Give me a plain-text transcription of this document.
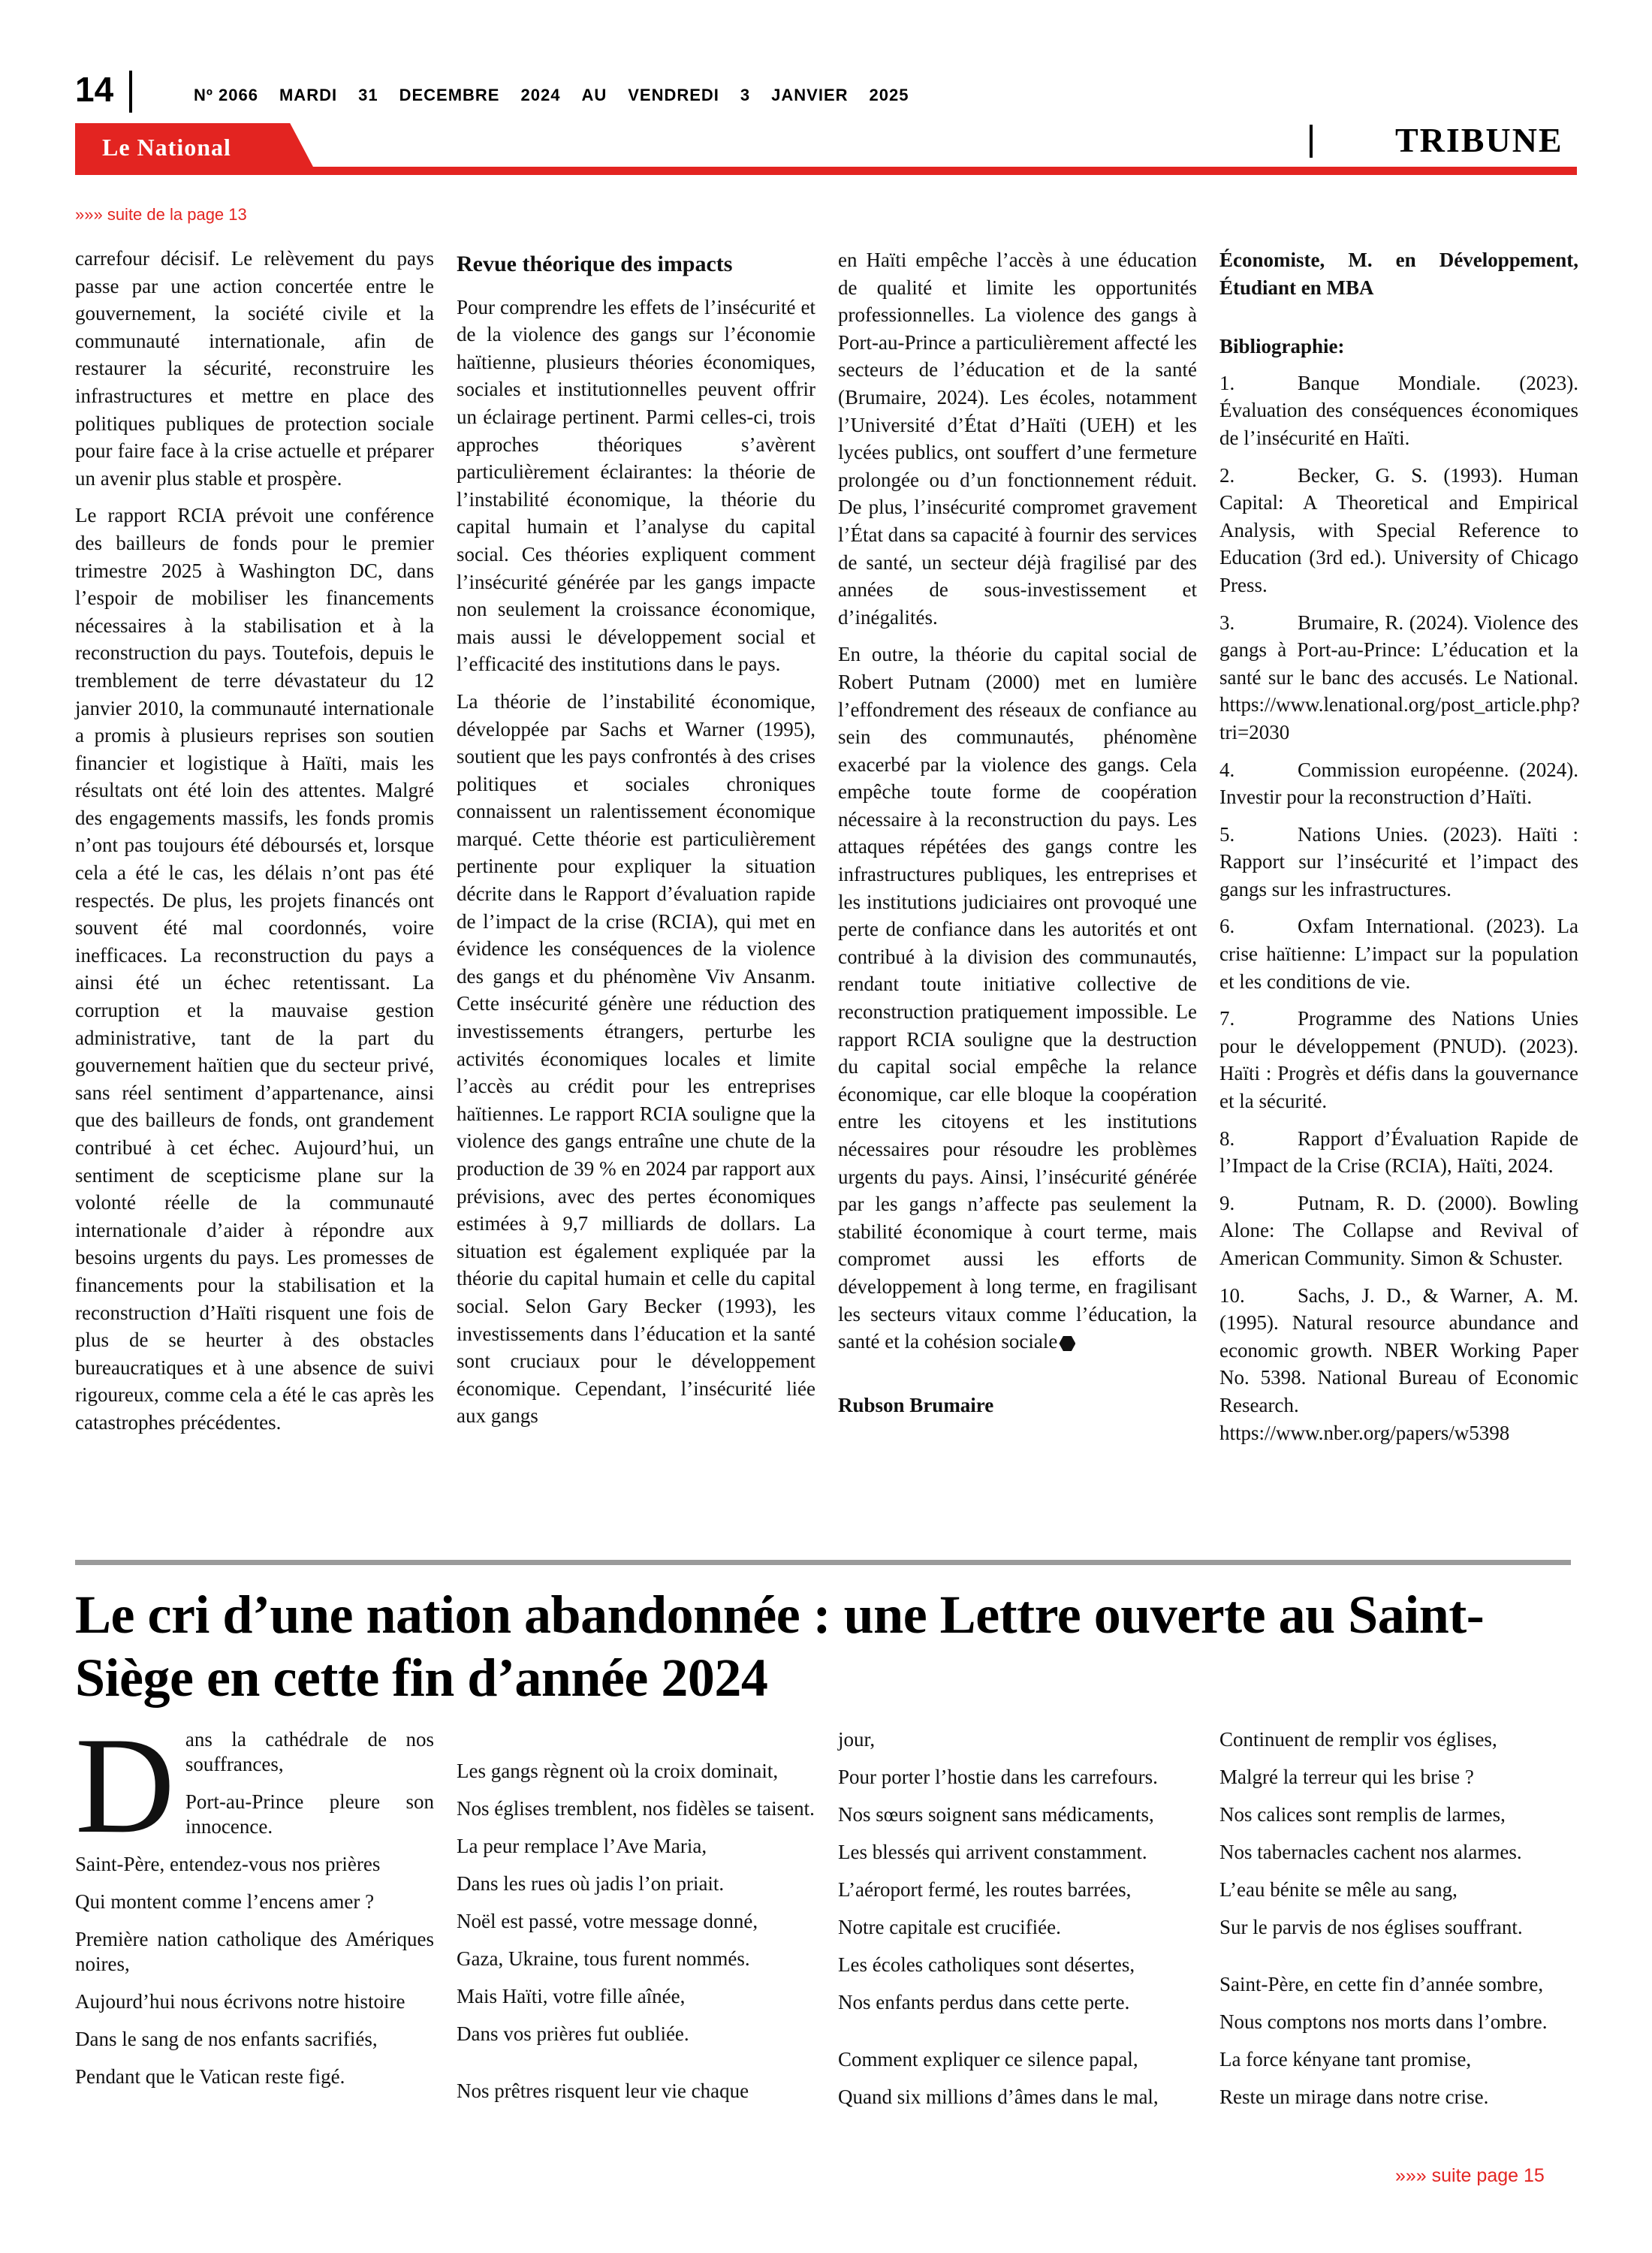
14	Nº 2066 MARDI 31 DECEMBRE 2024 AU VENDREDI 3 JANVIER 2025
Le National	TRIBUNE
»»» suite de la page 13

carrefour décisif. Le relèvement du pays passe par une action concertée entre le gouvernement, la société civile et la communauté internationale, afin de restaurer la sécurité, reconstruire les infrastructures et mettre en place des politiques publiques de protection sociale pour faire face à la crise actuelle et préparer un avenir plus stable et prospère.

Le rapport RCIA prévoit une conférence des bailleurs de fonds pour le premier trimestre 2025 à Washington DC, dans l’espoir de mobiliser les financements nécessaires à la stabilisation et à la reconstruction du pays. Toutefois, depuis le tremblement de terre dévastateur du 12 janvier 2010, la communauté internationale a promis à plusieurs reprises son soutien financier et logistique à Haïti, mais les résultats ont été loin des attentes. Malgré des engagements massifs, les fonds promis n’ont pas toujours été déboursés et, lorsque cela a été le cas, les délais n’ont pas été respectés. De plus, les projets financés ont souvent été mal coordonnés, voire inefficaces. La reconstruction du pays a ainsi été un échec retentissant. La corruption et la mauvaise gestion administrative, tant de la part du gouvernement haïtien que du secteur privé, sans réel sentiment d’appartenance, ainsi que des bailleurs de fonds, ont grandement contribué à cet échec. Aujourd’hui, un sentiment de scepticisme plane sur la volonté réelle de la communauté internationale d’aider à répondre aux besoins urgents du pays. Les promesses de financements pour la stabilisation et la reconstruction d’Haïti risquent une fois de plus de se heurter à des obstacles bureaucratiques et à une absence de suivi rigoureux, comme cela a été le cas après les catastrophes précédentes.

Revue théorique des impacts

Pour comprendre les effets de l’insécurité et de la violence des gangs sur l’économie haïtienne, plusieurs théories économiques, sociales et institutionnelles peuvent offrir un éclairage pertinent. Parmi celles-ci, trois approches théoriques s’avèrent particulièrement éclairantes: la théorie de l’instabilité économique, la théorie du capital humain et l’analyse du capital social. Ces théories expliquent comment l’insécurité générée par les gangs impacte non seulement la croissance économique, mais aussi le développement social et l’efficacité des institutions dans le pays.

La théorie de l’instabilité économique, développée par Sachs et Warner (1995), soutient que les pays confrontés à des crises politiques et sociales chroniques connaissent un ralentissement économique marqué. Cette théorie est particulièrement pertinente pour expliquer la situation décrite dans le Rapport d’évaluation rapide de l’impact de la crise (RCIA), qui met en évidence les conséquences de la violence des gangs et du phénomène Viv Ansanm. Cette insécurité génère une réduction des investissements étrangers, perturbe les activités économiques locales et limite l’accès au crédit pour les entreprises haïtiennes. Le rapport RCIA souligne que la violence des gangs entraîne une chute de la production de 39 % en 2024 par rapport aux prévisions, avec des pertes économiques estimées à 9,7 milliards de dollars. La situation est également expliquée par la théorie du capital humain et celle du capital social. Selon Gary Becker (1993), les investissements dans l’éducation et la santé sont cruciaux pour le développement économique. Cependant, l’insécurité liée aux gangs

en Haïti empêche l’accès à une éducation de qualité et limite les opportunités professionnelles. La violence des gangs à Port-au-Prince a particulièrement affecté les secteurs de l’éducation et de la santé (Brumaire, 2024). Les écoles, notamment l’Université d’État d’Haïti (UEH) et les lycées publics, ont souffert d’une fermeture prolongée ou d’un fonctionnement réduit. De plus, l’insécurité compromet gravement l’État dans sa capacité à fournir des services de santé, un secteur déjà fragilisé par des années de sous-investissement et d’inégalités.

En outre, la théorie du capital social de Robert Putnam (2000) met en lumière l’effondrement des réseaux de confiance au sein des communautés, phénomène exacerbé par la violence des gangs. Cela empêche toute forme de coopération nécessaire à la reconstruction du pays. Les attaques répétées des gangs contre les infrastructures publiques, les entreprises et les institutions judiciaires ont provoqué une perte de confiance dans les autorités et ont contribué à la division des communautés, rendant toute initiative collective de reconstruction pratiquement impossible. Le rapport RCIA souligne que la destruction du capital social empêche la relance économique, car elle bloque la coopération entre les citoyens et les institutions nécessaires pour résoudre les problèmes urgents du pays. Ainsi, l’insécurité générée par les gangs n’affecte pas seulement la stabilité économique à court terme, mais compromet aussi les efforts de développement à long terme, en fragilisant les secteurs vitaux comme l’éducation, la santé et la cohésion sociale

Rubson Brumaire

Économiste, M. en Développement, Étudiant en MBA

Bibliographie:

1.	Banque Mondiale. (2023). Évaluation des conséquences économiques de l’insécurité en Haïti.

2.	Becker, G. S. (1993). Human Capital: A Theoretical and Empirical Analysis, with Special Reference to Education (3rd ed.). University of Chicago Press.

3.	Brumaire, R. (2024). Violence des gangs à Port-au-Prince: L’éducation et la santé sur le banc des accusés. Le National. https://www.lenational.org/post_article.php?tri=2030

4.	Commission européenne. (2024). Investir pour la reconstruction d’Haïti.

5.	Nations Unies. (2023). Haïti : Rapport sur l’insécurité et l’impact des gangs sur les infrastructures.

6.	Oxfam International. (2023). La crise haïtienne: L’impact sur la population et les conditions de vie.

7.	Programme des Nations Unies pour le développement (PNUD). (2023). Haïti : Progrès et défis dans la gouvernance et la sécurité.

8.	Rapport d’Évaluation Rapide de l’Impact de la Crise (RCIA), Haïti, 2024.

9.	Putnam, R. D. (2000). Bowling Alone: The Collapse and Revival of American Community. Simon & Schuster.

10.	Sachs, J. D., & Warner, A. M. (1995). Natural resource abundance and economic growth. NBER Working Paper No. 5398. National Bureau of Economic Research. https://www.nber.org/papers/w5398

Le cri d’une nation abandonnée : une Lettre ouverte au Saint-Siège en cette fin d’année 2024
D ans la cathédrale de nos souffrances,

Port-au-Prince pleure son innocence.

Saint-Père, entendez-vous nos prières

Qui montent comme l’encens amer ?

Première nation catholique des Amériques noires,

Aujourd’hui nous écrivons notre histoire

Dans le sang de nos enfants sacrifiés,

Pendant que le Vatican reste figé.

Les gangs règnent où la croix dominait,

Nos églises tremblent, nos fidèles se taisent.

La peur remplace l’Ave Maria,

Dans les rues où jadis l’on priait.

Noël est passé, votre message donné,

Gaza, Ukraine, tous furent nommés.

Mais Haïti, votre fille aînée,

Dans vos prières fut oubliée.

Nos prêtres risquent leur vie chaque

jour,

Pour porter l’hostie dans les carrefours.

Nos sœurs soignent sans médicaments,

Les blessés qui arrivent constamment.

L’aéroport fermé, les routes barrées,

Notre capitale est crucifiée.

Les écoles catholiques sont désertes,

Nos enfants perdus dans cette perte.

Comment expliquer ce silence papal,

Quand six millions d’âmes dans le mal,

Continuent de remplir vos églises,

Malgré la terreur qui les brise ?

Nos calices sont remplis de larmes,

Nos tabernacles cachent nos alarmes.

L’eau bénite se mêle au sang,

Sur le parvis de nos églises souffrant.

Saint-Père, en cette fin d’année sombre,

Nous comptons nos morts dans l’ombre.

La force kényane tant promise,

Reste un mirage dans notre crise.

»»» suite page 15
